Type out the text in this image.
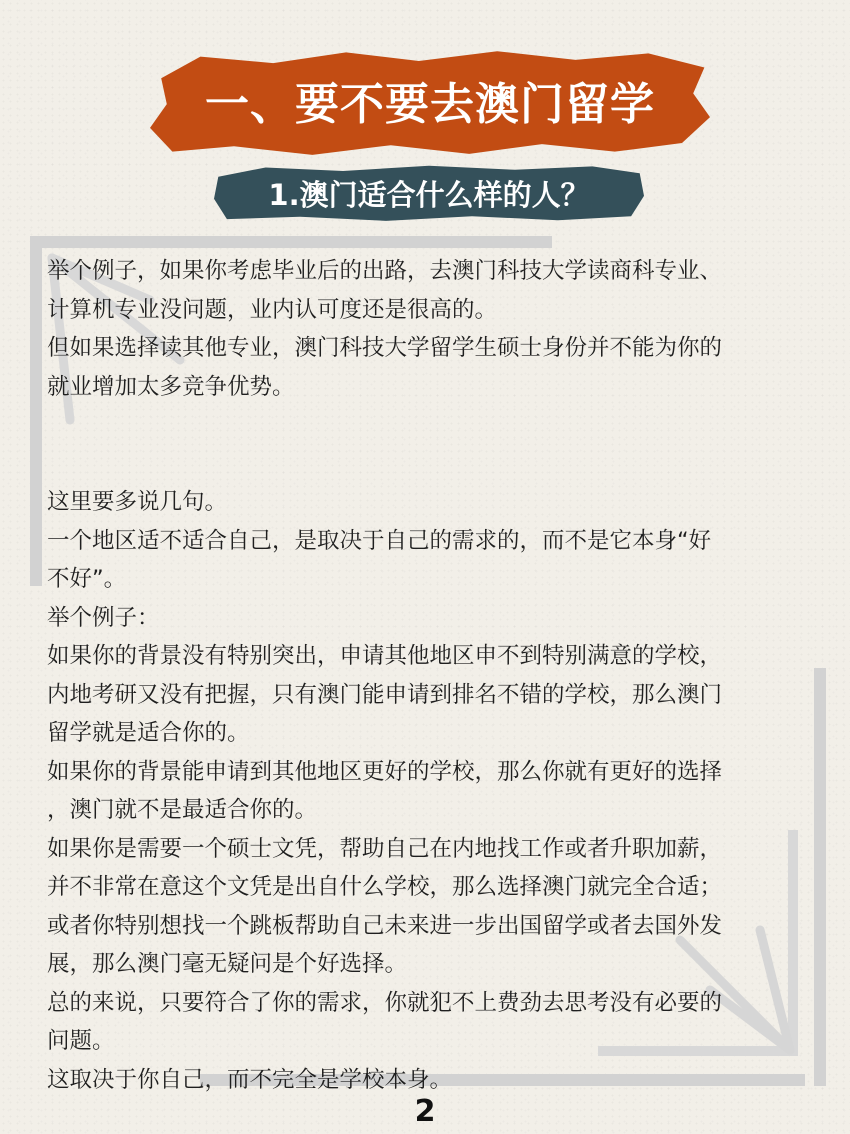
一、要不要去澳门留学
1.澳门适合什么样的人？

举个例子，如果你考虑毕业后的出路，去澳门科技大学读商科专业、
计算机专业没问题，业内认可度还是很高的。

但如果选择读其他专业，澳门科技大学留学生硕士身份并不能为你的
就业增加太多竞争优势。

这里要多说几句。

一个地区适不适合自己，是取决于自己的需求的，而不是它本身“好
不好”。

举个例子：

如果你的背景没有特别突出，申请其他地区申不到特别满意的学校，
内地考研又没有把握，只有澳门能申请到排名不错的学校，那么澳门
留学就是适合你的。

如果你的背景能申请到其他地区更好的学校，那么你就有更好的选择
，澳门就不是最适合你的。

如果你是需要一个硕士文凭，帮助自己在内地找工作或者升职加薪，
并不非常在意这个文凭是出自什么学校，那么选择澳门就完全合适；
或者你特别想找一个跳板帮助自己未来进一步出国留学或者去国外发
展，那么澳门毫无疑问是个好选择。

总的来说，只要符合了你的需求，你就犯不上费劲去思考没有必要的
问题。

这取决于你自己，而不完全是学校本身。

2
